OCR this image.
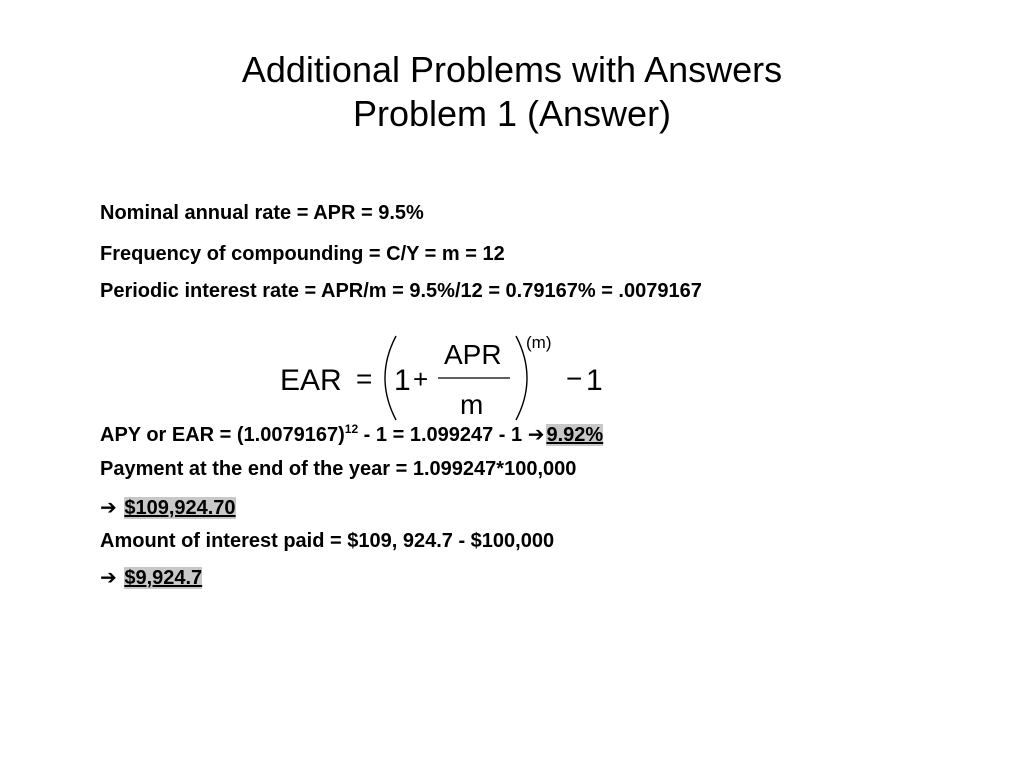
Additional Problems with Answers
Problem 1 (Answer)
Nominal annual rate = APR = 9.5%
Frequency of compounding = C/Y = m = 12
Periodic interest rate = APR/m = 9.5%/12 = 0.79167% = .0079167
EAR = 1 +
APR
m
(m)
− 1
APY or EAR = $(1.0079167)^{12} - 1 = 1.099247 - 1$ ➔ 9.92%
Payment at the end of the year = 1.099247*100,000
➔ $109,924.70
Amount of interest paid = $109, 924.7 - $100,000
➔ $9,924.7
